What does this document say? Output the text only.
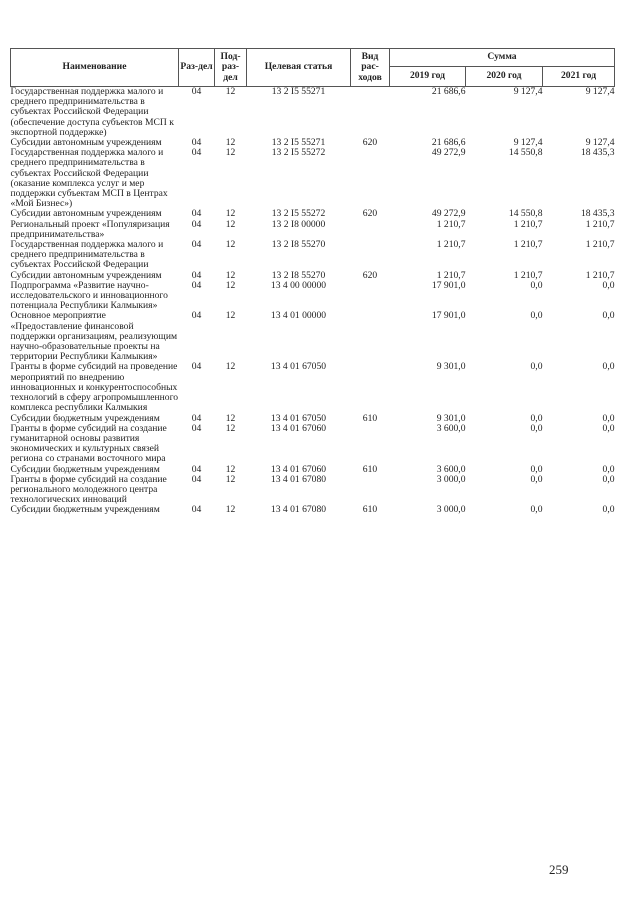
Наименование	Раз-дел	Под-раз-дел	Целевая статья	Вид рас-ходов	Сумма		
					2019 год	2020 год	2021 год
Государственная поддержка малого и среднего предпринимательства в субъектах Российской Федерации (обеспечение доступа субъектов МСП к экспортной поддержке)	04	12	13 2 I5 55271		21 686,6	9 127,4	9 127,4
Субсидии автономным учреждениям	04	12	13 2 I5 55271	620	21 686,6	9 127,4	9 127,4
Государственная поддержка малого и среднего предпринимательства в субъектах Российской Федерации (оказание комплекса услуг и мер поддержки субъектам МСП в Центрах «Мой Бизнес»)	04	12	13 2 I5 55272		49 272,9	14 550,8	18 435,3
Субсидии автономным учреждениям	04	12	13 2 I5 55272	620	49 272,9	14 550,8	18 435,3
Региональный проект «Популяризация предпринимательства»	04	12	13 2 I8 00000		1 210,7	1 210,7	1 210,7
Государственная поддержка малого и среднего предпринимательства в субъектах Российской Федерации	04	12	13 2 I8 55270		1 210,7	1 210,7	1 210,7
Субсидии автономным учреждениям	04	12	13 2 I8 55270	620	1 210,7	1 210,7	1 210,7
Подпрограмма «Развитие научно-исследовательского и инновационного потенциала Республики Калмыкия»	04	12	13 4 00 00000		17 901,0	0,0	0,0
Основное мероприятие «Предоставление финансовой поддержки организациям, реализующим научно-образовательные проекты на территории Республики Калмыкия»	04	12	13 4 01 00000		17 901,0	0,0	0,0
Гранты в форме субсидий на проведение мероприятий по внедрению инновационных и конкурентоспособных технологий в сферу агропромышленного комплекса республики Калмыкия	04	12	13 4 01 67050		9 301,0	0,0	0,0
Субсидии бюджетным учреждениям	04	12	13 4 01 67050	610	9 301,0	0,0	0,0
Гранты в форме субсидий на создание гуманитарной основы развития экономических и культурных связей региона со странами восточного мира	04	12	13 4 01 67060		3 600,0	0,0	0,0
Субсидии бюджетным учреждениям	04	12	13 4 01 67060	610	3 600,0	0,0	0,0
Гранты в форме субсидий на создание регионального молодежного центра технологических инноваций	04	12	13 4 01 67080		3 000,0	0,0	0,0
Субсидии бюджетным учреждениям	04	12	13 4 01 67080	610	3 000,0	0,0	0,0
259
